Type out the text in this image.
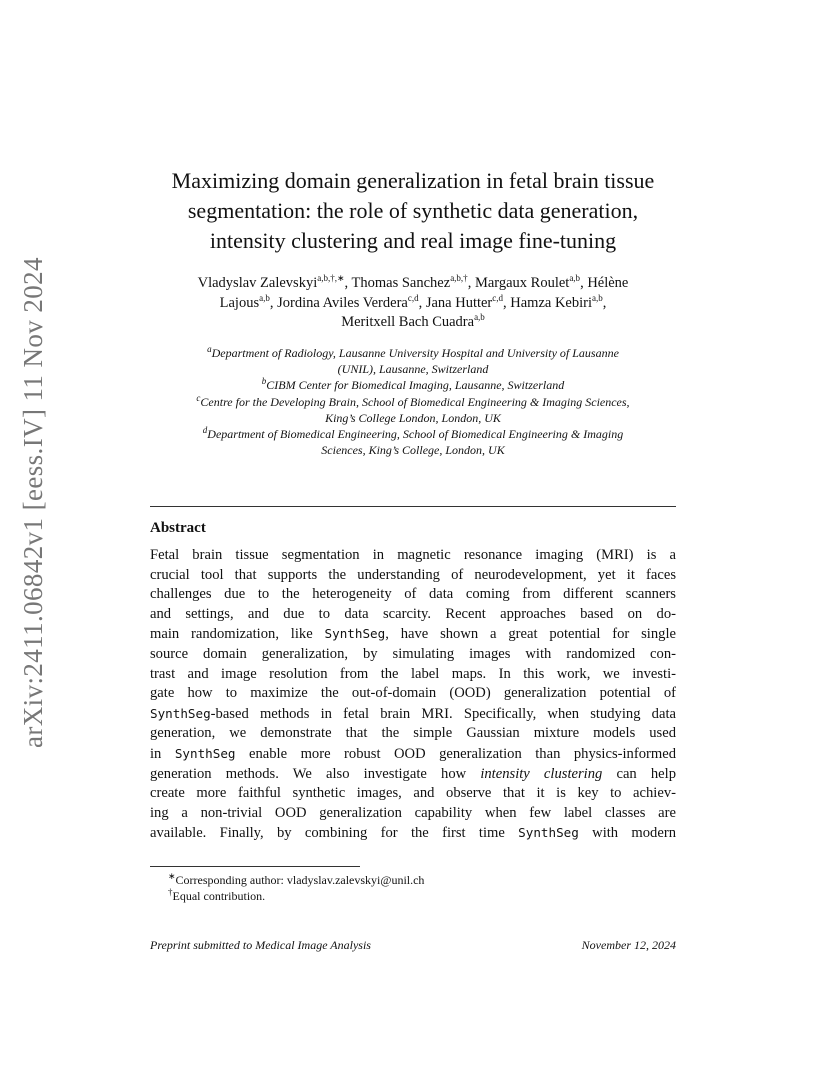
arXiv:2411.06842v1 [eess.IV] 11 Nov 2024
Maximizing domain generalization in fetal brain tissue
segmentation: the role of synthetic data generation,
intensity clustering and real image fine-tuning
Vladyslav Zalevskyi$^{a,b,\dagger,∗}$, Thomas Sanchez$^{a,b,\dagger}$, Margaux Roulet$^{a,b}$, Hélène
Lajous$^{a,b}$, Jordina Aviles Verdera$^{c,d}$, Jana Hutter$^{c,d}$, Hamza Kebiri$^{a,b}$,
Meritxell Bach Cuadra$^{a,b}$
$^a$Department of Radiology, Lausanne University Hospital and University of Lausanne
(UNIL), Lausanne, Switzerland
$^b$CIBM Center for Biomedical Imaging, Lausanne, Switzerland
$^c$Centre for the Developing Brain, School of Biomedical Engineering & Imaging Sciences,
King’s College London, London, UK
$^d$Department of Biomedical Engineering, School of Biomedical Engineering & Imaging
Sciences, King’s College, London, UK
Abstract
Fetal brain tissue segmentation in magnetic resonance imaging (MRI) is a
crucial tool that supports the understanding of neurodevelopment, yet it faces
challenges due to the heterogeneity of data coming from different scanners
and settings, and due to data scarcity. Recent approaches based on do-
main randomization, like SynthSeg, have shown a great potential for single
source domain generalization, by simulating images with randomized con-
trast and image resolution from the label maps. In this work, we investi-
gate how to maximize the out-of-domain (OOD) generalization potential of
SynthSeg-based methods in fetal brain MRI. Specifically, when studying data
generation, we demonstrate that the simple Gaussian mixture models used
in SynthSeg enable more robust OOD generalization than physics-informed
generation methods. We also investigate how intensity clustering can help
create more faithful synthetic images, and observe that it is key to achiev-
ing a non-trivial OOD generalization capability when few label classes are
available. Finally, by combining for the first time SynthSeg with modern
∗Corresponding author: vladyslav.zalevskyi@unil.ch
†Equal contribution.
Preprint submitted to Medical Image Analysis	November 12, 2024
